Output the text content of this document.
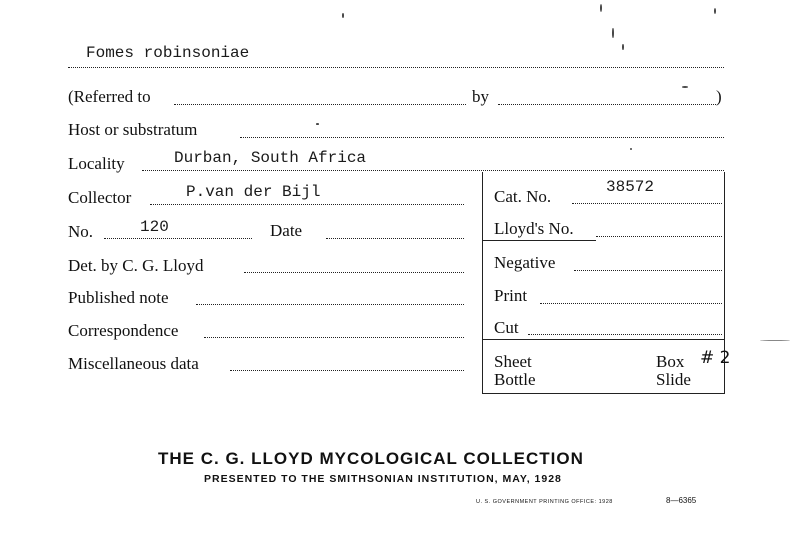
Fomes robinsoniae
(Referred to	by	)
Host or substratum
Locality	Durban, South Africa
Collector	P.van der Bijl	Cat. No.	38572
No.	120	Date	Lloyd's No.
Det. by C. G. Lloyd	Negative
Published note	Print
Correspondence	Cut
Miscellaneous data	Sheet	Box # 2
Bottle	Slide
THE C. G. LLOYD MYCOLOGICAL COLLECTION
PRESENTED TO THE SMITHSONIAN INSTITUTION, MAY, 1928
U. S. GOVERNMENT PRINTING OFFICE: 1928	8—6365
